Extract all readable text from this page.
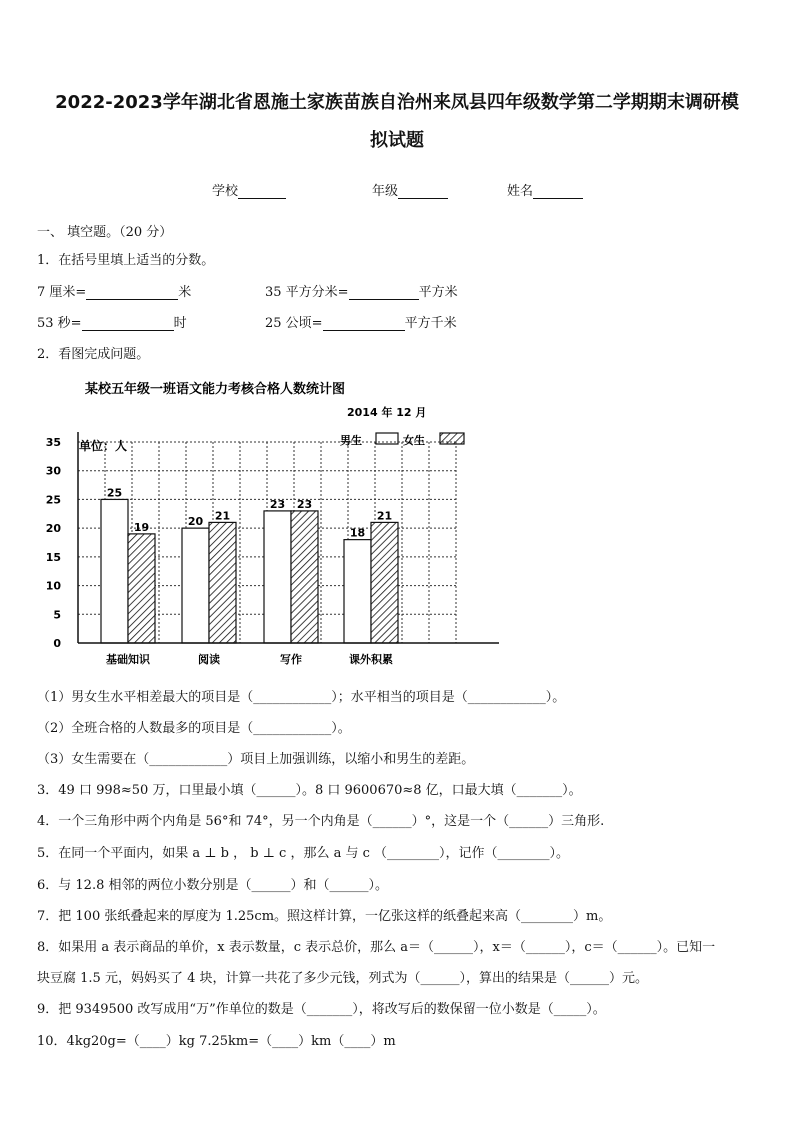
2022-2023学年湖北省恩施土家族苗族自治州来凤县四年级数学第二学期期末调研模
拟试题
学校	年级	姓名
一、 填空题。（20 分）
1．在括号里填上适当的分数。
7 厘米=	米	35 平方分米=	平方米
53 秒=	时	25 公顷=	平方千米
2．看图完成问题。
某校五年级一班语文能力考核合格人数统计图
2014 年 12 月
单位：人	男生	女生
0
5
10
15
20
25
30
35
25
19	20 21
23 23
18
21
基础知识	阅读	写作	课外积累
（1）男女生水平相差最大的项目是（____________）；水平相当的项目是（____________）。
（2）全班合格的人数最多的项目是（____________）。
（3）女生需要在（____________）项目上加强训练，以缩小和男生的差距。
3．49 口 998≈50 万，口里最小填（______）。8 口 9600670≈8 亿，口最大填（_______）。
4．一个三角形中两个内角是 56°和 74°，另一个内角是（______）°，这是一个（______）三角形.
5．在同一个平面内，如果 a ⊥ b ， b ⊥ c ，那么 a 与 c （________），记作（________）。
6．与 12.8 相邻的两位小数分别是（______）和（______）。
7．把 100 张纸叠起来的厚度为 1.25cm。照这样计算，一亿张这样的纸叠起来高（________）m。
8．如果用 a 表示商品的单价，x 表示数量，c 表示总价，那么 a＝（______），x＝（______），c＝（______）。已知一
块豆腐 1.5 元，妈妈买了 4 块，计算一共花了多少元钱，列式为（______），算出的结果是（______）元。
9．把 9349500 改写成用“万”作单位的数是（_______），将改写后的数保留一位小数是（_____）。
10．4kg20g=（____）kg 7.25km=（____）km（____）m
